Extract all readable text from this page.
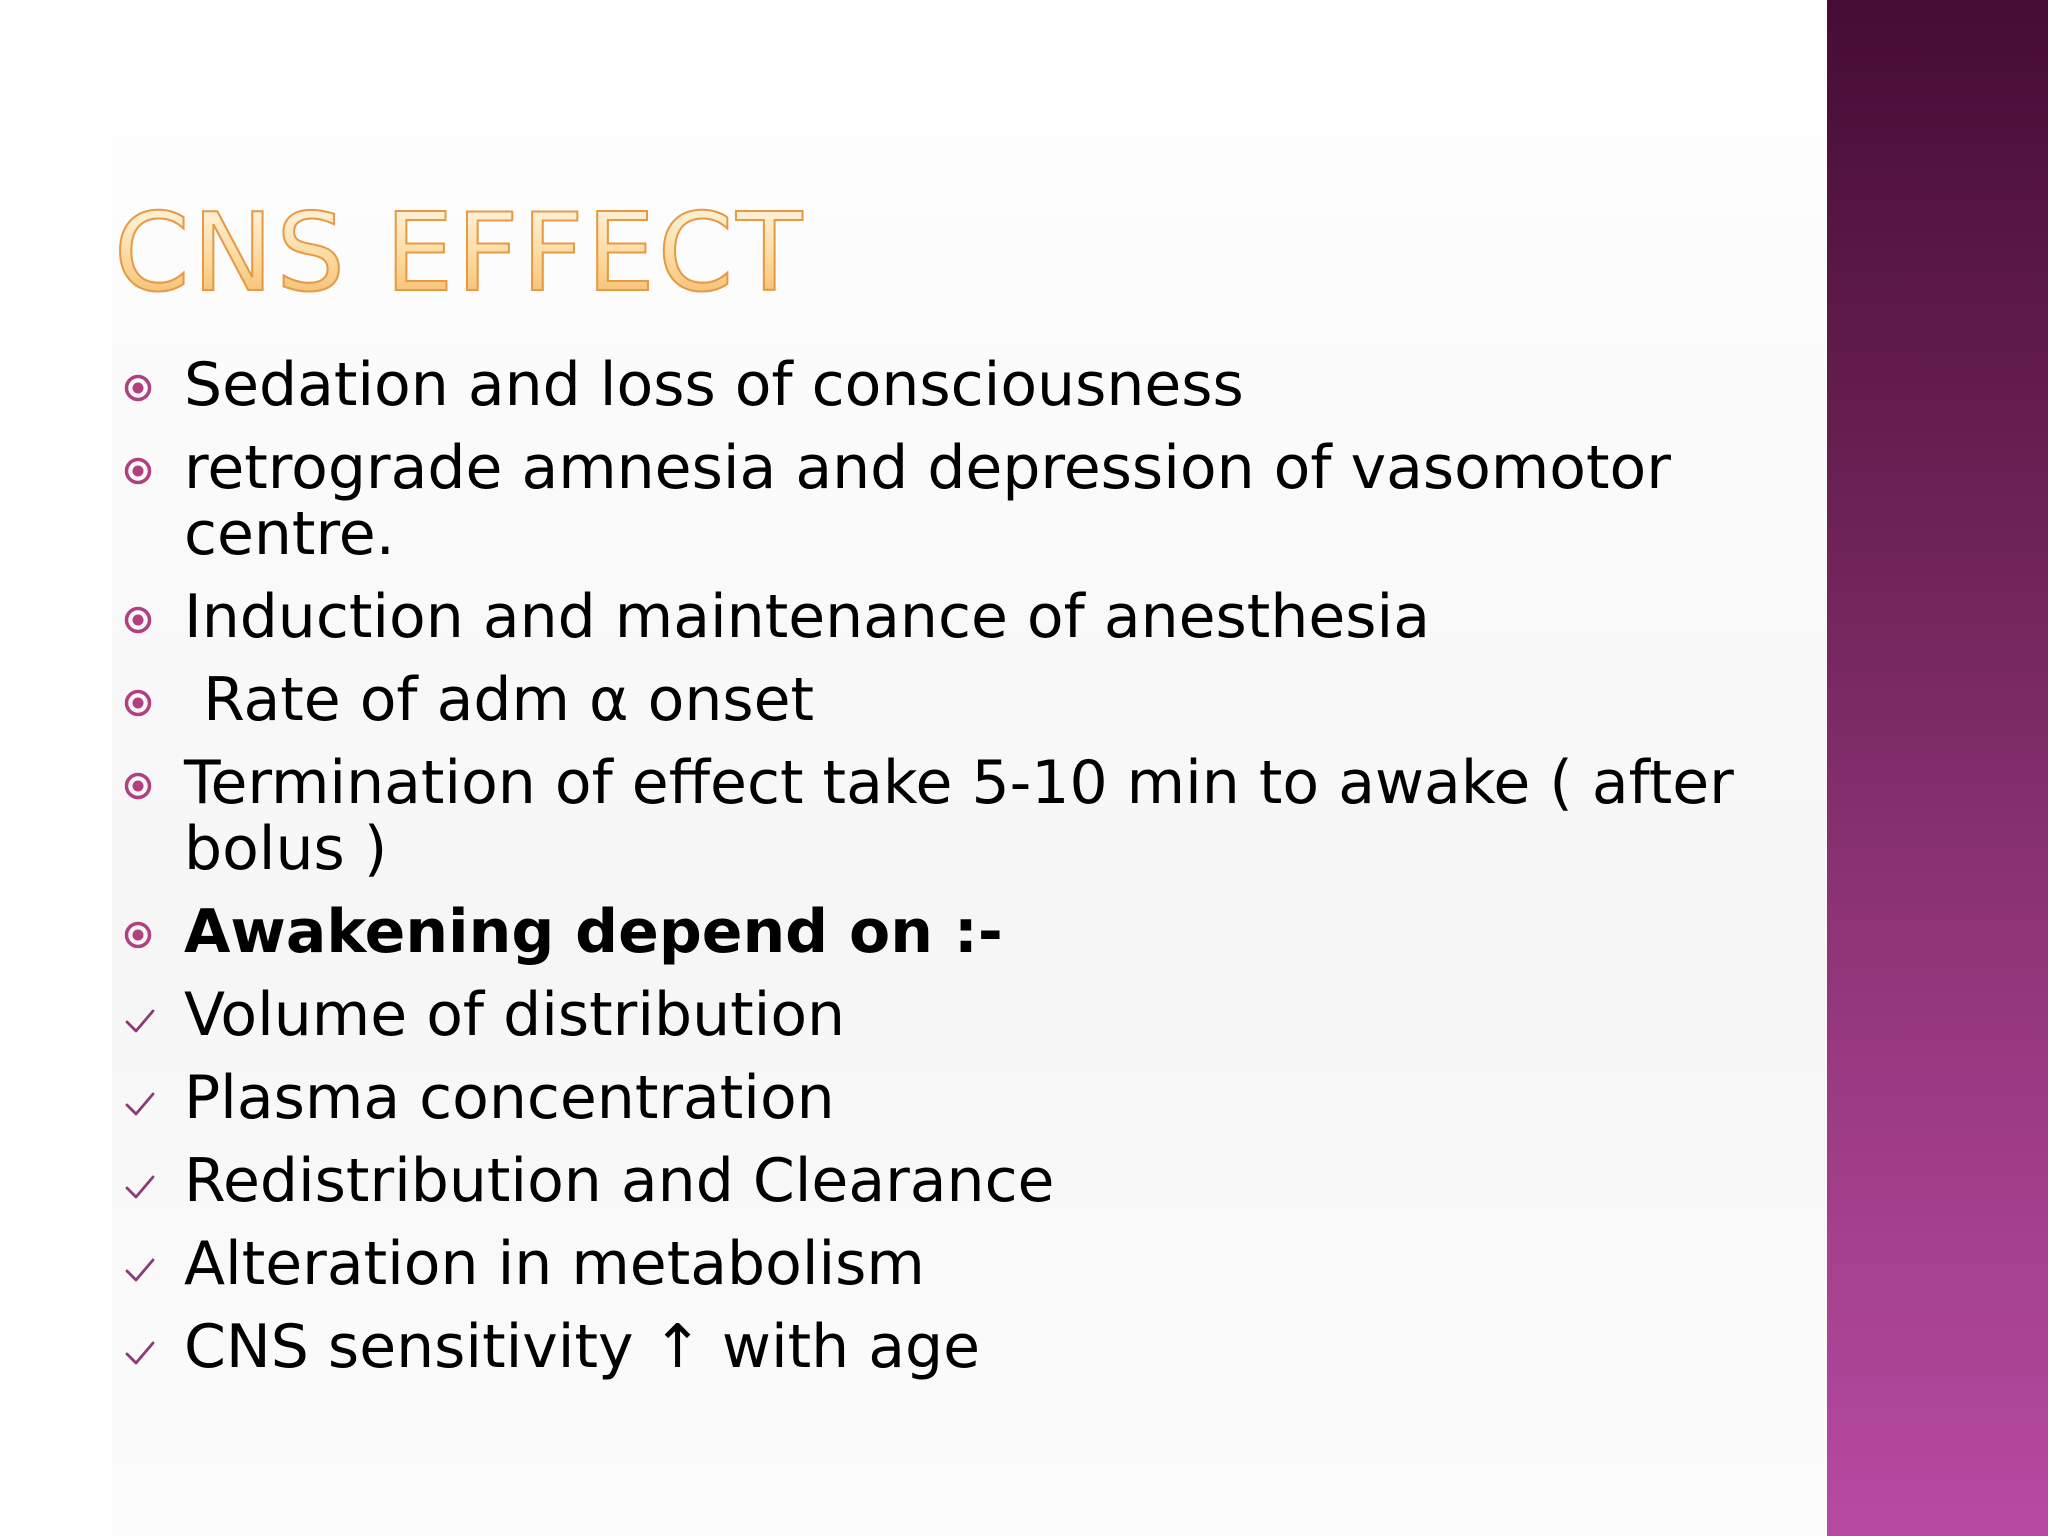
CNS EFFECT
Sedation and loss of consciousness
retrograde amnesia and depression of vasomotor centre.
Induction and maintenance of anesthesia
Rate of adm α onset
Termination of effect take 5-10 min to awake ( after bolus )
Awakening depend on :-
Volume of distribution
Plasma concentration
Redistribution and Clearance
Alteration in metabolism
CNS sensitivity ↑ with age
